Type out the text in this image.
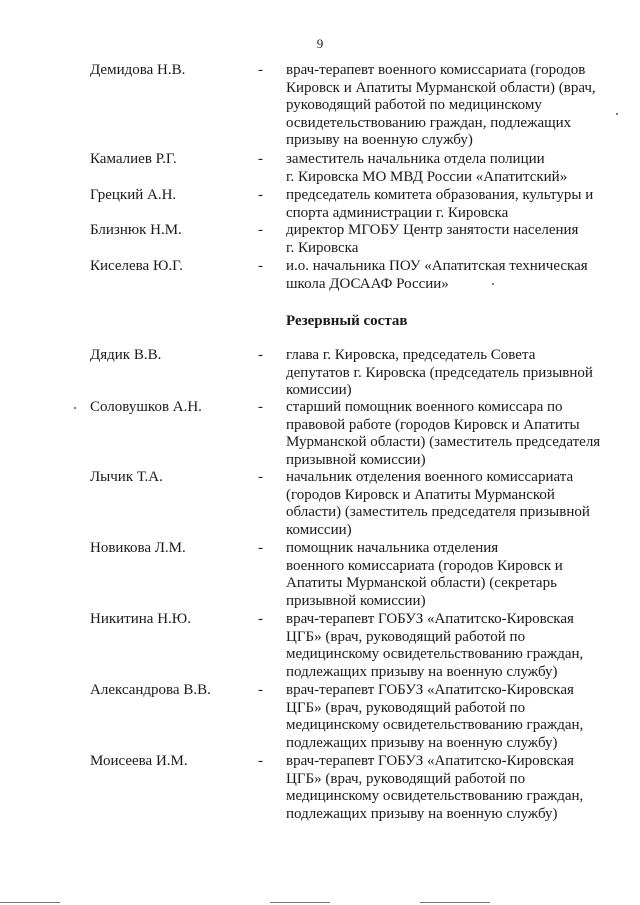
9
Демидова Н.В.	- врач-терапевт военного комиссариата (городов
Кировск и Апатиты Мурманской области) (врач,
руководящий работой по медицинскому
освидетельствованию граждан, подлежащих
призыву на военную службу)
Камалиев Р.Г.	- заместитель начальника отдела полиции
г. Кировска МО МВД России «Апатитский»
Грецкий А.Н.	- председатель комитета образования, культуры и
спорта администрации г. Кировска
Близнюк Н.М.	- директор МГОБУ Центр занятости населения
г. Кировска
Киселева Ю.Г.	- и.о. начальника ПОУ «Апатитская техническая
школа ДОСААФ России»
Резервный состав
Дядик В.В.	- глава г. Кировска, председатель Совета
депутатов г. Кировска (председатель призывной
комиссии)
Соловушков А.Н.	- старший помощник военного комиссара по
правовой работе (городов Кировск и Апатиты
Мурманской области) (заместитель председателя
призывной комиссии)
Лычик Т.А.	- начальник отделения военного комиссариата
(городов Кировск и Апатиты Мурманской
области) (заместитель председателя призывной
комиссии)
Новикова Л.М.	- помощник начальника отделения
военного комиссариата (городов Кировск и
Апатиты Мурманской области) (секретарь
призывной комиссии)
Никитина Н.Ю.	- врач-терапевт ГОБУЗ «Апатитско-Кировская
ЦГБ» (врач, руководящий работой по
медицинскому освидетельствованию граждан,
подлежащих призыву на военную службу)
Александрова В.В.	- врач-терапевт ГОБУЗ «Апатитско-Кировская
ЦГБ» (врач, руководящий работой по
медицинскому освидетельствованию граждан,
подлежащих призыву на военную службу)
Моисеева И.М.	- врач-терапевт ГОБУЗ «Апатитско-Кировская
ЦГБ» (врач, руководящий работой по
медицинскому освидетельствованию граждан,
подлежащих призыву на военную службу)
